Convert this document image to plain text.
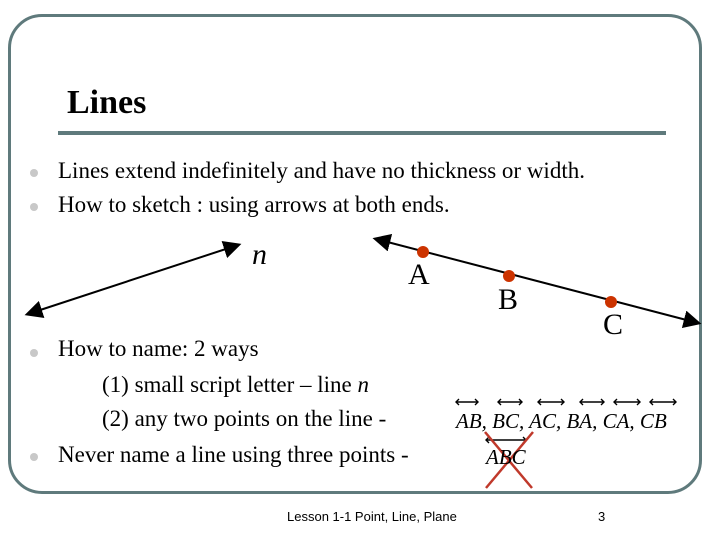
Lines
Lines extend indefinitely and have no thickness or width.
How to sketch : using arrows at both ends.
How to name: 2 ways
(1) small script letter – line n
(2) any two points on the line -
Never name a line using three points -
n
A
B
C
AB, BC, AC, BA, CA, CB
ABC
Lesson 1-1 Point, Line, Plane	3
